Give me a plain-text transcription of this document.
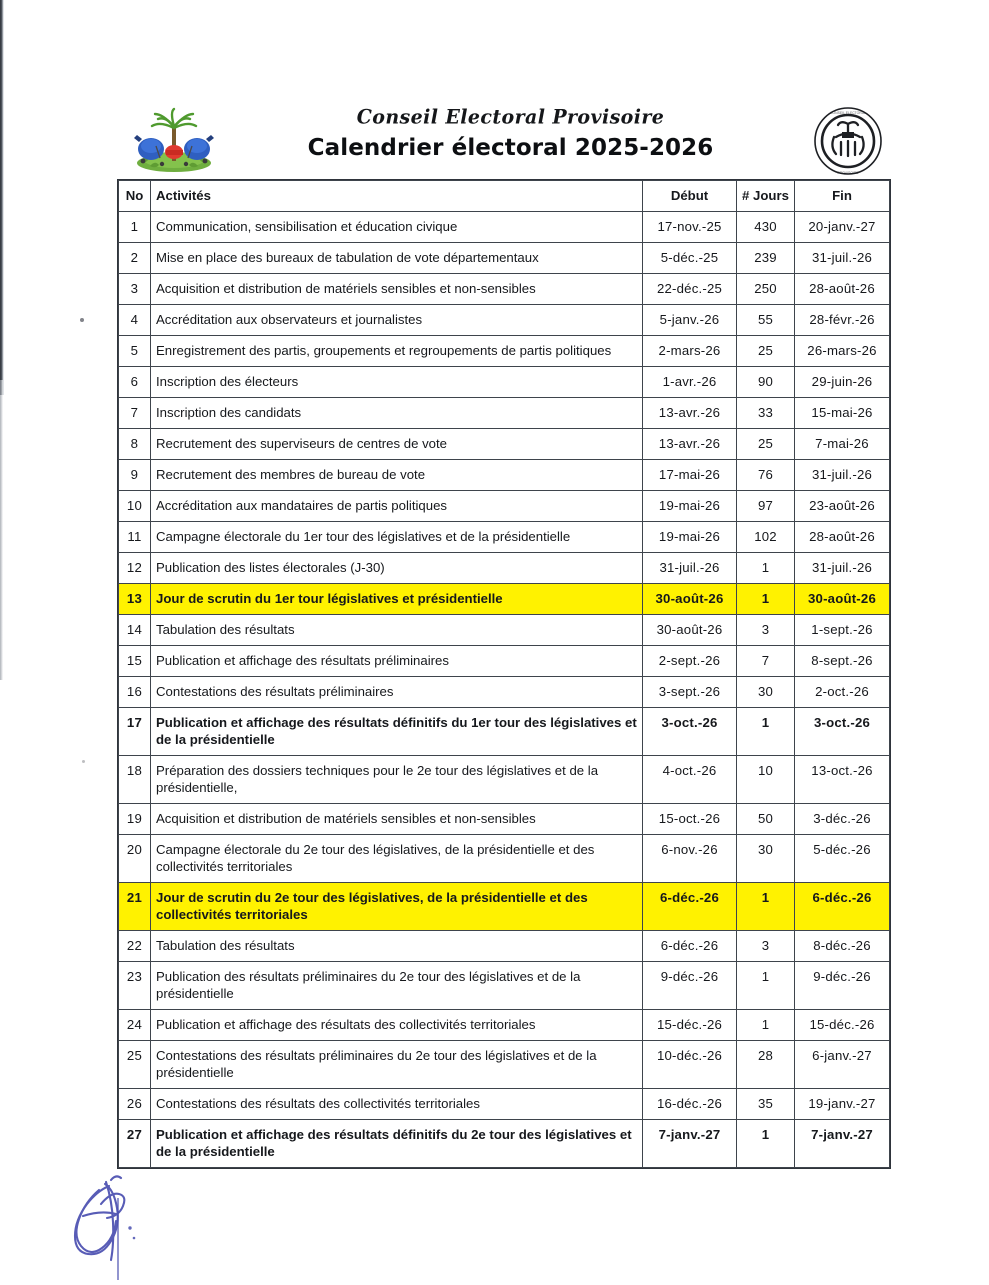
Conseil Electoral Provisoire
Calendrier électoral 2025-2026
CONSEIL ELECTORAL
PROVISOIRE
No	Activités	Début	# Jours	Fin
1	Communication, sensibilisation et éducation civique	17-nov.-25	430	20-janv.-27
2	Mise en place des bureaux de tabulation de vote départementaux	5-déc.-25	239	31-juil.-26
3	Acquisition et distribution de matériels sensibles et non-sensibles	22-déc.-25	250	28-août-26
4	Accréditation aux observateurs et journalistes	5-janv.-26	55	28-févr.-26
5	Enregistrement des partis, groupements et regroupements de partis politiques	2-mars-26	25	26-mars-26
6	Inscription des électeurs	1-avr.-26	90	29-juin-26
7	Inscription des candidats	13-avr.-26	33	15-mai-26
8	Recrutement des superviseurs de centres de vote	13-avr.-26	25	7-mai-26
9	Recrutement des membres de bureau de vote	17-mai-26	76	31-juil.-26
10	Accréditation aux mandataires de partis politiques	19-mai-26	97	23-août-26
11	Campagne électorale du 1er tour des législatives et de la présidentielle	19-mai-26	102	28-août-26
12	Publication des listes électorales (J-30)	31-juil.-26	1	31-juil.-26
13	Jour de scrutin du 1er tour législatives et présidentielle	30-août-26	1	30-août-26
14	Tabulation des résultats	30-août-26	3	1-sept.-26
15	Publication et affichage des résultats préliminaires	2-sept.-26	7	8-sept.-26
16	Contestations des résultats préliminaires	3-sept.-26	30	2-oct.-26
17	Publication et affichage des résultats définitifs du 1er tour des législatives et de la présidentielle	3-oct.-26	1	3-oct.-26
18	Préparation des dossiers techniques pour le 2e tour des législatives et de la présidentielle,	4-oct.-26	10	13-oct.-26
19	Acquisition et distribution de matériels sensibles et non-sensibles	15-oct.-26	50	3-déc.-26
20	Campagne électorale du 2e tour des législatives, de la présidentielle et des collectivités territoriales	6-nov.-26	30	5-déc.-26
21	Jour de scrutin du 2e tour des législatives, de la présidentielle et des collectivités territoriales	6-déc.-26	1	6-déc.-26
22	Tabulation des résultats	6-déc.-26	3	8-déc.-26
23	Publication des résultats préliminaires du 2e tour des législatives et de la présidentielle	9-déc.-26	1	9-déc.-26
24	Publication et affichage des résultats des collectivités territoriales	15-déc.-26	1	15-déc.-26
25	Contestations des résultats préliminaires du 2e tour des législatives et de la présidentielle	10-déc.-26	28	6-janv.-27
26	Contestations des résultats des collectivités territoriales	16-déc.-26	35	19-janv.-27
27	Publication et affichage des résultats définitifs du 2e tour des législatives et de la présidentielle	7-janv.-27	1	7-janv.-27
